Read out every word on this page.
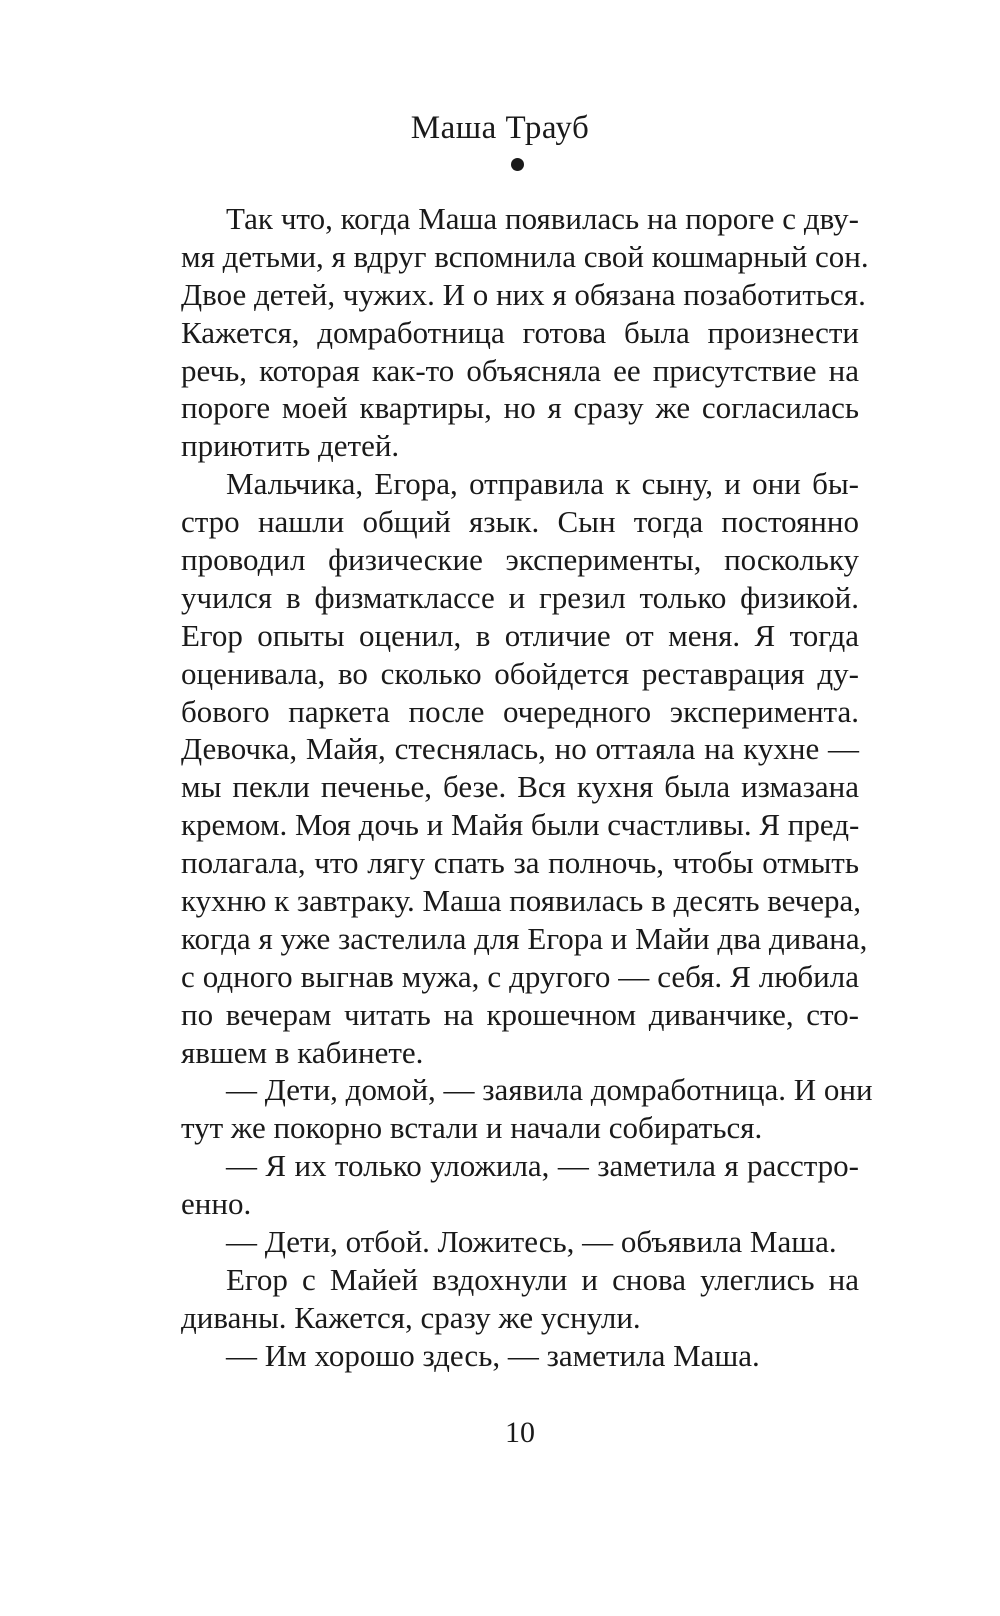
Маша Трауб
Так что, когда Маша появилась на пороге с дву-
мя детьми, я вдруг вспомнила свой кошмарный сон.
Двое детей, чужих. И о них я обязана позаботиться.
Кажется, домработница готова была произнести
речь, которая как-то объясняла ее присутствие на
пороге моей квартиры, но я сразу же согласилась
приютить детей.
Мальчика, Егора, отправила к сыну, и они бы-
стро нашли общий язык. Сын тогда постоянно
проводил физические эксперименты, поскольку
учился в физматклассе и грезил только физикой.
Егор опыты оценил, в отличие от меня. Я тогда
оценивала, во сколько обойдется реставрация ду-
бового паркета после очередного эксперимента.
Девочка, Майя, стеснялась, но оттаяла на кухне —
мы пекли печенье, безе. Вся кухня была измазана
кремом. Моя дочь и Майя были счастливы. Я пред-
полагала, что лягу спать за полночь, чтобы отмыть
кухню к завтраку. Маша появилась в десять вечера,
когда я уже застелила для Егора и Майи два дивана,
с одного выгнав мужа, с другого — себя. Я любила
по вечерам читать на крошечном диванчике, сто-
явшем в кабинете.
— Дети, домой, — заявила домработница. И они
тут же покорно встали и начали собираться.
— Я их только уложила, — заметила я расстро-
енно.
— Дети, отбой. Ложитесь, — объявила Маша.
Егор с Майей вздохнули и снова улеглись на
диваны. Кажется, сразу же уснули.
— Им хорошо здесь, — заметила Маша.
10
